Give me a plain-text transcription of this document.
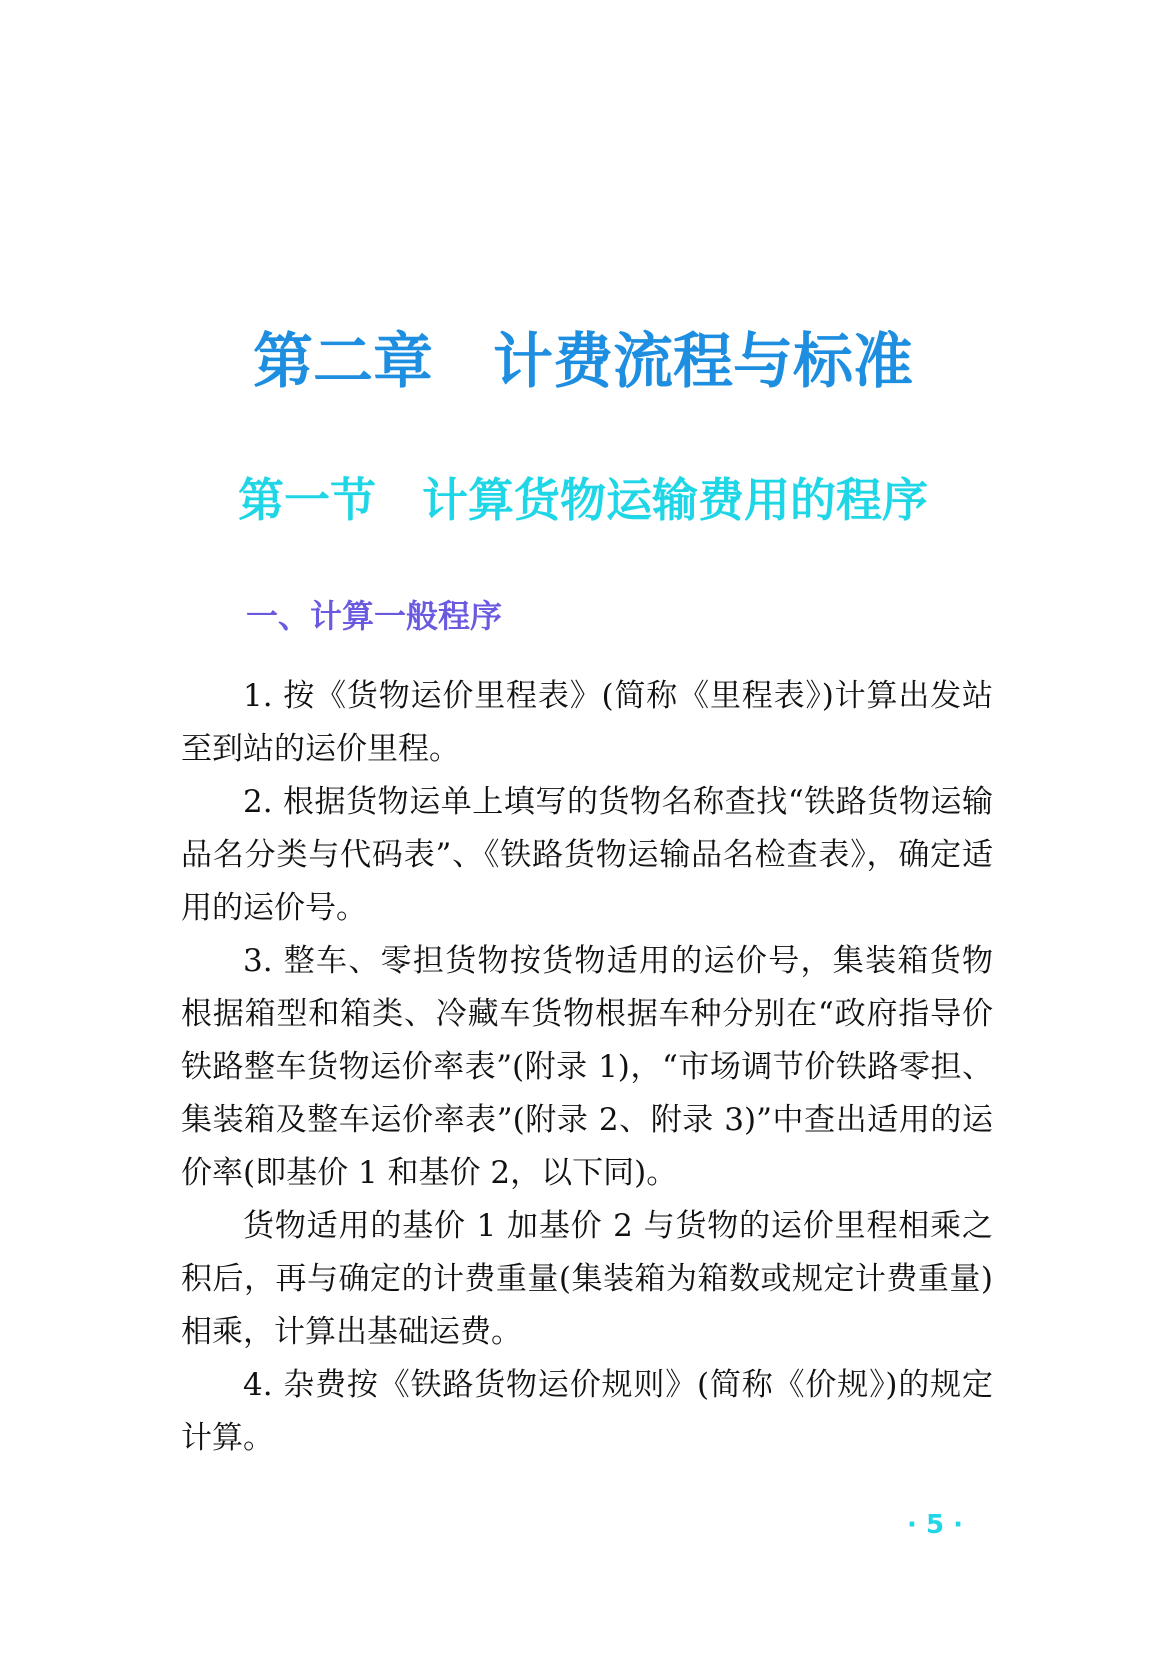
第二章　计费流程与标准
第一节　计算货物运输费用的程序
一、计算一般程序

1. 按《货物运价里程表》(简称《里程表》)计算出发站至到站的运价里程。

2. 根据货物运单上填写的货物名称查找“铁路货物运输品名分类与代码表”、《铁路货物运输品名检查表》，确定适用的运价号。

3. 整车、零担货物按货物适用的运价号，集装箱货物根据箱型和箱类、冷藏车货物根据车种分别在“政府指导价铁路整车货物运价率表”(附录 1)，“市场调节价铁路零担、集装箱及整车运价率表”(附录 2、附录 3)”中查出适用的运价率(即基价 1 和基价 2，以下同)。

货物适用的基价 1 加基价 2 与货物的运价里程相乘之积后，再与确定的计费重量(集装箱为箱数或规定计费重量)相乘，计算出基础运费。

4. 杂费按《铁路货物运价规则》(简称《价规》)的规定计算。

· 5 ·
